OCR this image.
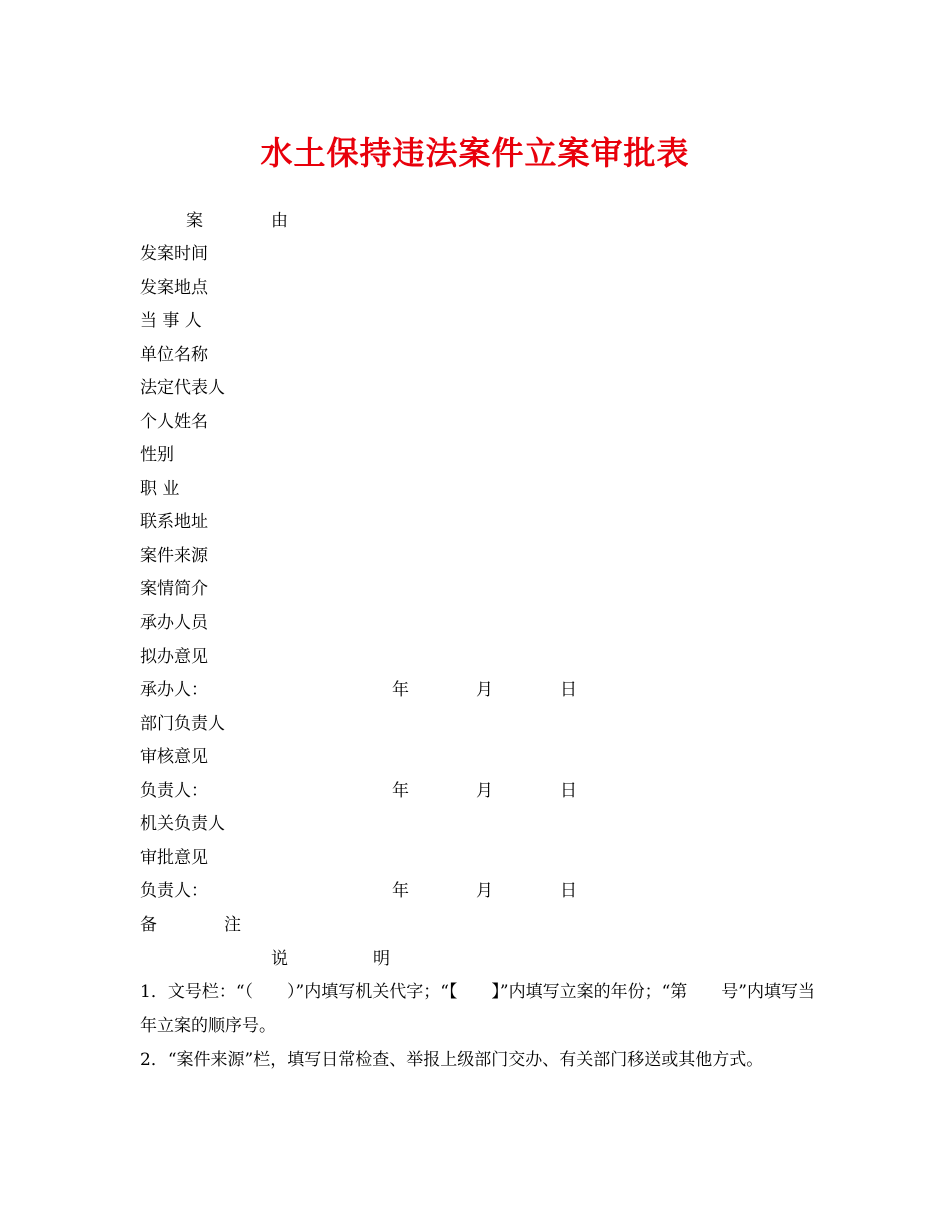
水土保持违法案件立案审批表
案	由
发案时间
发案地点
当 事 人
单位名称
法定代表人
个人姓名
性别
职 业
联系地址
案件来源
案情简介
承办人员
拟办意见
承办人：	年	月	日
部门负责人
审核意见
负责人：	年	月	日
机关负责人
审批意见
负责人：	年	月	日
备	注
说	明
1．文号栏：“（　　）”内填写机关代字；“【　　】”内填写立案的年份；“第　　号”内填写当年立案的顺序号。
2．“案件来源”栏，填写日常检查、举报上级部门交办、有关部门移送或其他方式。
